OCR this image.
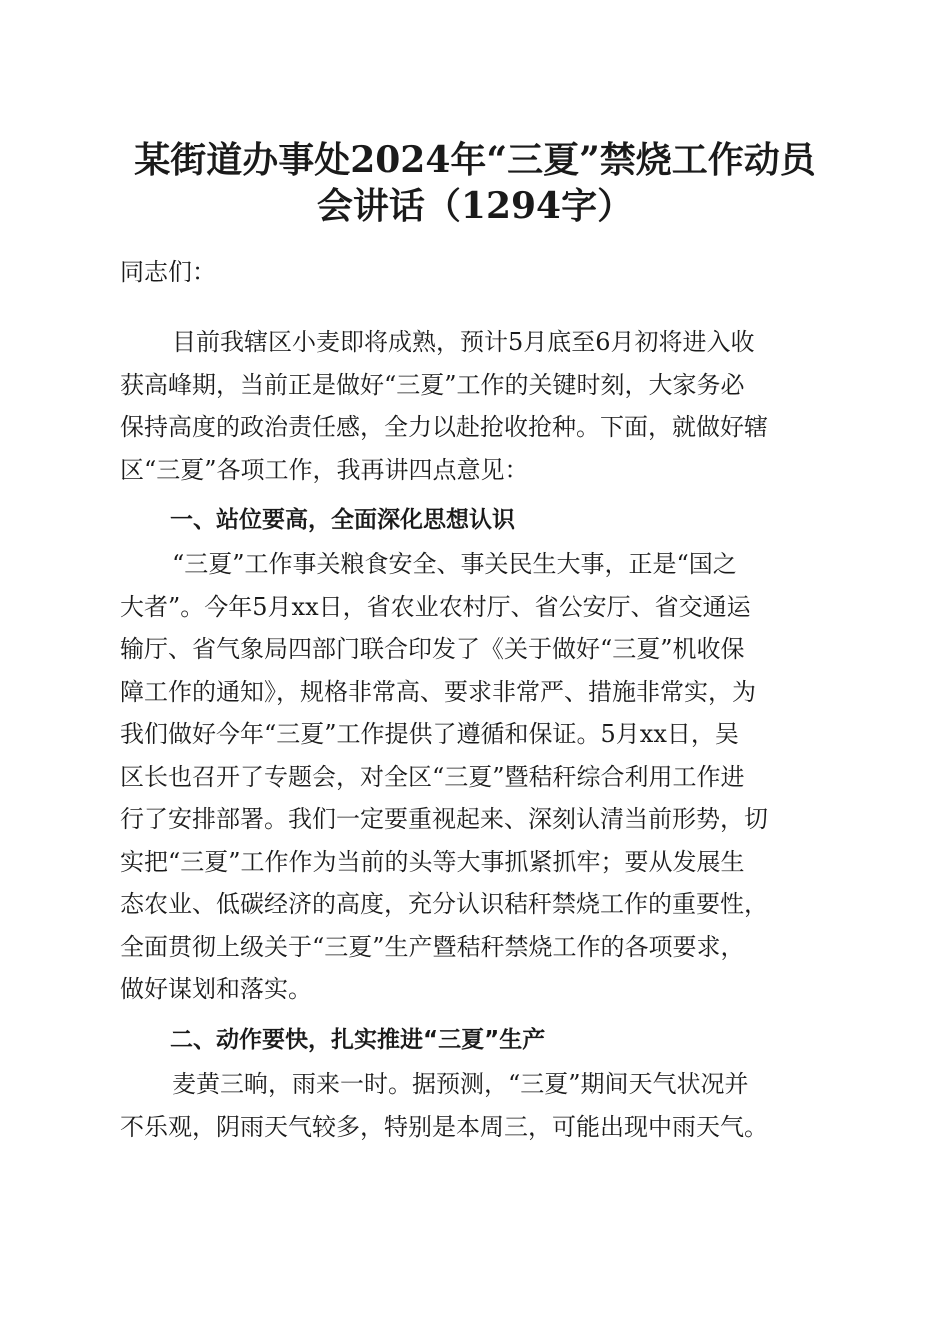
某街道办事处2024年“三夏”禁烧工作动员
会讲话（1294字）
同志们：
目前我辖区小麦即将成熟，预计5月底至6月初将进入收
获高峰期，当前正是做好“三夏”工作的关键时刻，大家务必
保持高度的政治责任感，全力以赴抢收抢种。下面，就做好辖
区“三夏”各项工作，我再讲四点意见：
一、站位要高，全面深化思想认识
“三夏”工作事关粮食安全、事关民生大事，正是“国之
大者”。今年5月xx日，省农业农村厅、省公安厅、省交通运
输厅、省气象局四部门联合印发了《关于做好“三夏”机收保
障工作的通知》，规格非常高、要求非常严、措施非常实，为
我们做好今年“三夏”工作提供了遵循和保证。5月xx日，吴
区长也召开了专题会，对全区“三夏”暨秸秆综合利用工作进
行了安排部署。我们一定要重视起来、深刻认清当前形势，切
实把“三夏”工作作为当前的头等大事抓紧抓牢；要从发展生
态农业、低碳经济的高度，充分认识秸秆禁烧工作的重要性，
全面贯彻上级关于“三夏”生产暨秸秆禁烧工作的各项要求，
做好谋划和落实。
二、动作要快，扎实推进“三夏”生产
麦黄三晌，雨来一时。据预测，“三夏”期间天气状况并
不乐观，阴雨天气较多，特别是本周三，可能出现中雨天气。
